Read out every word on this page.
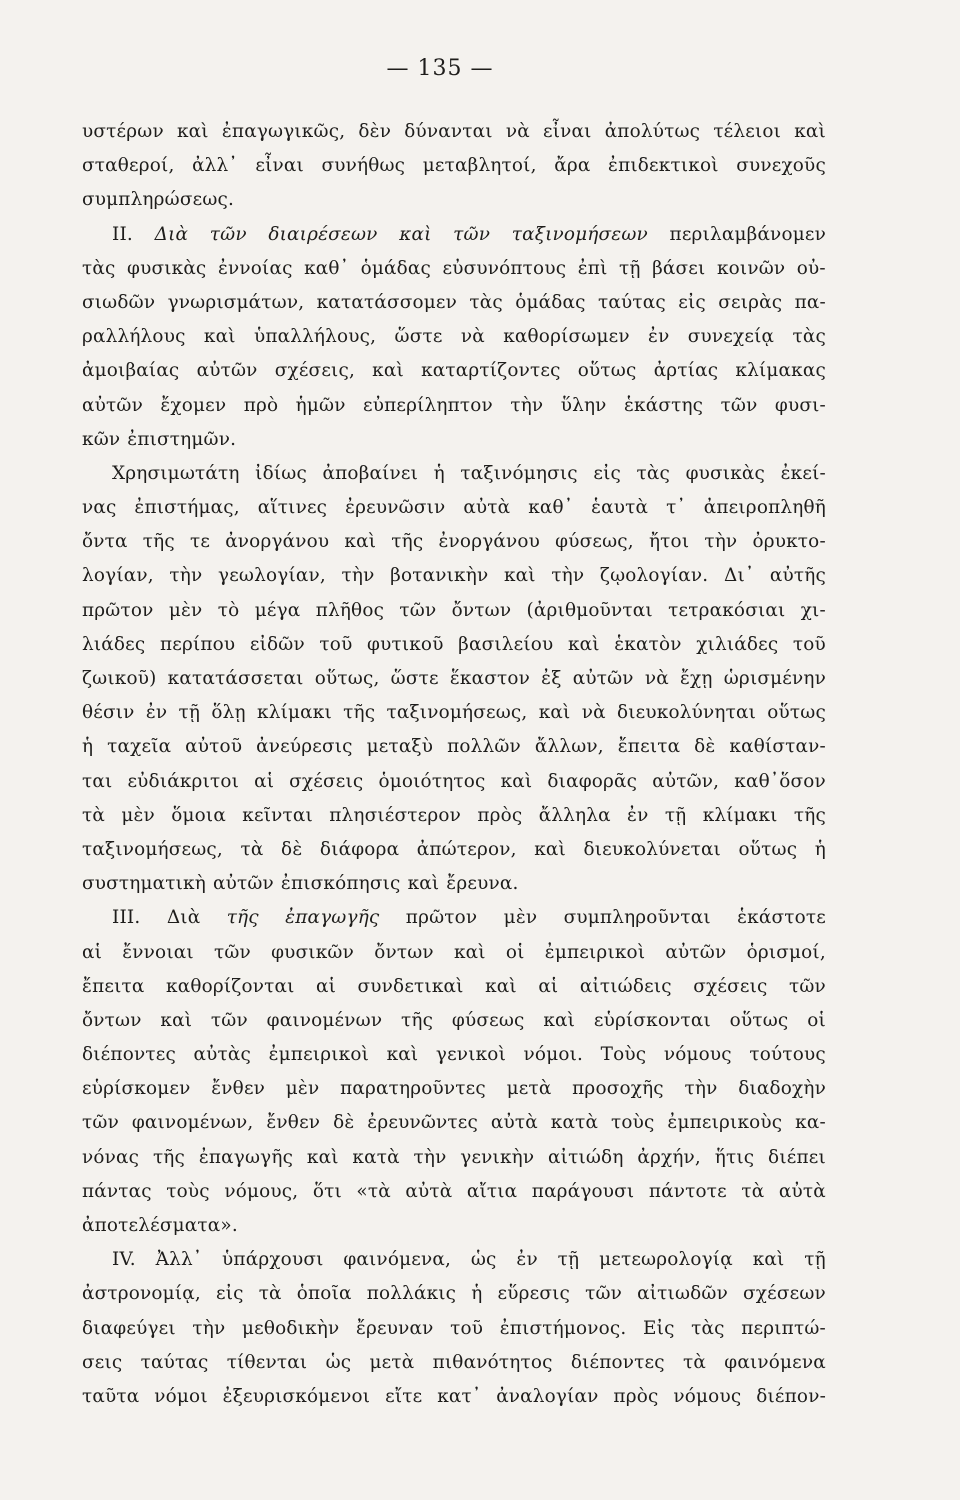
— 135 —
υστέρων καὶ ἐπαγωγικῶς, δὲν δύνανται νὰ εἶναι ἀπολύτως τέλειοι καὶ
σταθεροί, ἀλλ᾽ εἶναι συνήθως μεταβλητοί, ἄρα ἐπιδεκτικοὶ συνεχοῦς
συμπληρώσεως.
II. Διὰ τῶν διαιρέσεων καὶ τῶν ταξινομήσεων περιλαμβάνομεν
τὰς φυσικὰς ἐννοίας καθ᾽ ὁμάδας εὐσυνόπτους ἐπὶ τῇ βάσει κοινῶν οὐ-
σιωδῶν γνωρισμάτων, κατατάσσομεν τὰς ὁμάδας ταύτας εἰς σειρὰς πα-
ραλλήλους καὶ ὑπαλλήλους, ὥστε νὰ καθορίσωμεν ἐν συνεχείᾳ τὰς
ἀμοιβαίας αὐτῶν σχέσεις, καὶ καταρτίζοντες οὕτως ἀρτίας κλίμακας
αὐτῶν ἔχομεν πρὸ ἡμῶν εὐπερίληπτον τὴν ὕλην ἑκάστης τῶν φυσι-
κῶν ἐπιστημῶν.
Χρησιμωτάτη ἰδίως ἀποβαίνει ἡ ταξινόμησις εἰς τὰς φυσικὰς ἐκεί-
νας ἐπιστήμας, αἵτινες ἐρευνῶσιν αὐτὰ καθ᾽ ἑαυτὰ τ᾽ ἀπειροπληθῆ
ὄντα τῆς τε ἀνοργάνου καὶ τῆς ἐνοργάνου φύσεως, ἤτοι τὴν ὀρυκτο-
λογίαν, τὴν γεωλογίαν, τὴν βοτανικὴν καὶ τὴν ζῳολογίαν. Δι᾽ αὐτῆς
πρῶτον μὲν τὸ μέγα πλῆθος τῶν ὄντων (ἀριθμοῦνται τετρακόσιαι χι-
λιάδες περίπου εἰδῶν τοῦ φυτικοῦ βασιλείου καὶ ἑκατὸν χιλιάδες τοῦ
ζωικοῦ) κατατάσσεται οὕτως, ὥστε ἕκαστον ἐξ αὐτῶν νὰ ἔχῃ ὡρισμένην
θέσιν ἐν τῇ ὅλῃ κλίμακι τῆς ταξινομήσεως, καὶ νὰ διευκολύνηται οὕτως
ἡ ταχεῖα αὐτοῦ ἀνεύρεσις μεταξὺ πολλῶν ἄλλων, ἔπειτα δὲ καθίσταν-
ται εὐδιάκριτοι αἱ σχέσεις ὁμοιότητος καὶ διαφορᾶς αὐτῶν, καθ᾽ὅσον
τὰ μὲν ὅμοια κεῖνται πλησιέστερον πρὸς ἄλληλα ἐν τῇ κλίμακι τῆς
ταξινομήσεως, τὰ δὲ διάφορα ἀπώτερον, καὶ διευκολύνεται οὕτως ἡ
συστηματικὴ αὐτῶν ἐπισκόπησις καὶ ἔρευνα.
III. Διὰ τῆς ἐπαγωγῆς πρῶτον μὲν συμπληροῦνται ἑκάστοτε
αἱ ἔννοιαι τῶν φυσικῶν ὄντων καὶ οἱ ἐμπειρικοὶ αὐτῶν ὁρισμοί,
ἔπειτα καθορίζονται αἱ συνδετικαὶ καὶ αἱ αἰτιώδεις σχέσεις τῶν
ὄντων καὶ τῶν φαινομένων τῆς φύσεως καὶ εὑρίσκονται οὕτως οἱ
διέποντες αὐτὰς ἐμπειρικοὶ καὶ γενικοὶ νόμοι. Τοὺς νόμους τούτους
εὑρίσκομεν ἔνθεν μὲν παρατηροῦντες μετὰ προσοχῆς τὴν διαδοχὴν
τῶν φαινομένων, ἔνθεν δὲ ἐρευνῶντες αὐτὰ κατὰ τοὺς ἐμπειρικοὺς κα-
νόνας τῆς ἐπαγωγῆς καὶ κατὰ τὴν γενικὴν αἰτιώδη ἀρχήν, ἥτις διέπει
πάντας τοὺς νόμους, ὅτι «τὰ αὐτὰ αἴτια παράγουσι πάντοτε τὰ αὐτὰ
ἀποτελέσματα».
IV. Ἀλλ᾽ ὑπάρχουσι φαινόμενα, ὡς ἐν τῇ μετεωρολογίᾳ καὶ τῇ
ἀστρονομίᾳ, εἰς τὰ ὁποῖα πολλάκις ἡ εὕρεσις τῶν αἰτιωδῶν σχέσεων
διαφεύγει τὴν μεθοδικὴν ἔρευναν τοῦ ἐπιστήμονος. Εἰς τὰς περιπτώ-
σεις ταύτας τίθενται ὡς μετὰ πιθανότητος διέποντες τὰ φαινόμενα
ταῦτα νόμοι ἐξευρισκόμενοι εἴτε κατ᾽ ἀναλογίαν πρὸς νόμους διέπον-
